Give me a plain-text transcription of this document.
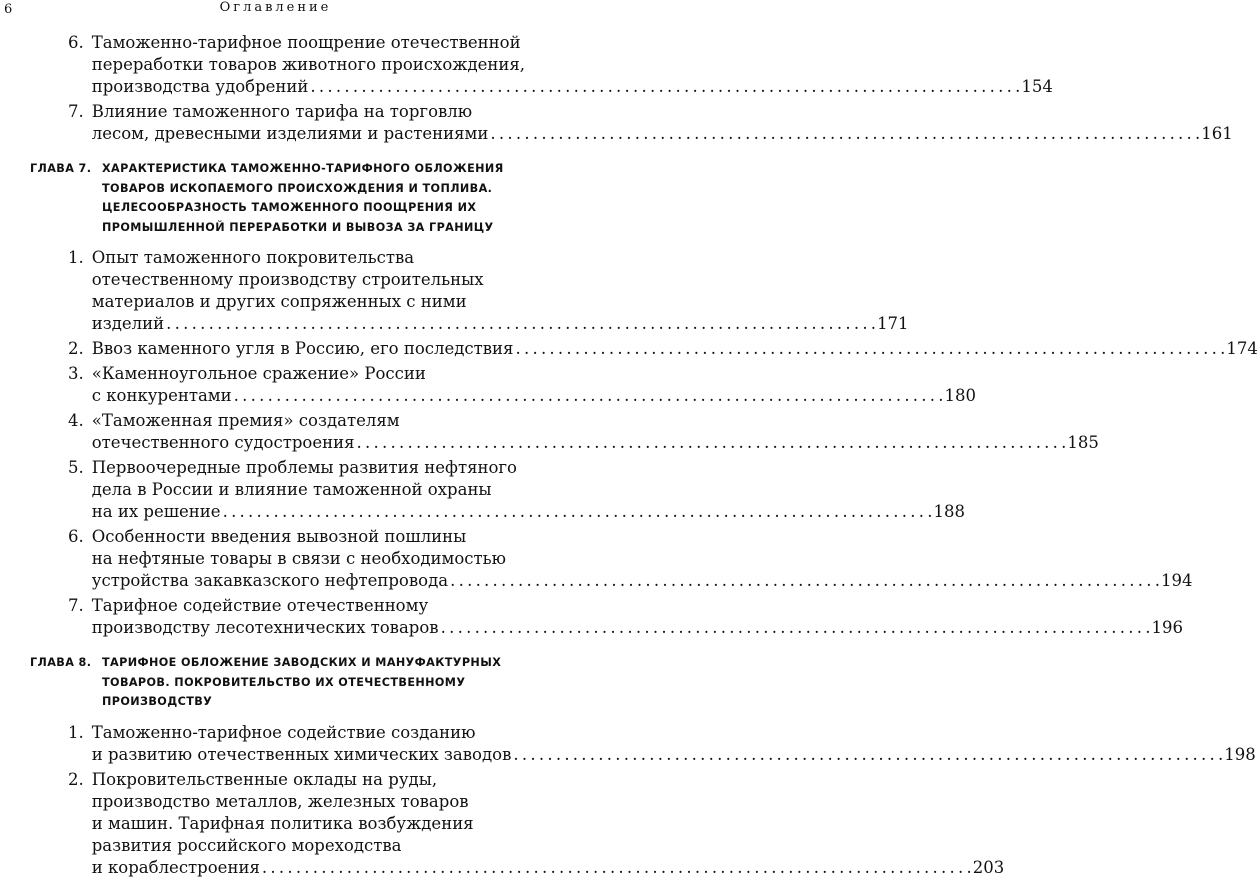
6	Оглавление
6. Таможенно-тарифное поощрение отечественной
переработки товаров животного происхождения,
производства удобрений . . .	154
7. Влияние таможенного тарифа на торговлю
лесом, древесными изделиями и растениями . . .	161
ГЛАВА 7. ХАРАКТЕРИСТИКА ТАМОЖЕННО-ТАРИФНОГО ОБЛОЖЕНИЯ
ТОВАРОВ ИСКОПАЕМОГО ПРОИСХОЖДЕНИЯ И ТОПЛИВА.
ЦЕЛЕСООБРАЗНОСТЬ ТАМОЖЕННОГО ПООЩРЕНИЯ ИХ
ПРОМЫШЛЕННОЙ ПЕРЕРАБОТКИ И ВЫВОЗА ЗА ГРАНИЦУ
1. Опыт таможенного покровительства
отечественному производству строительных
материалов и других сопряженных с ними
изделий . . .	171
2. Ввоз каменного угля в Россию, его последствия . . .	174
3. «Каменноугольное сражение» России
с конкурентами . . .	180
4. «Таможенная премия» создателям
отечественного судостроения . . .	185
5. Первоочередные проблемы развития нефтяного
дела в России и влияние таможенной охраны
на их решение . . .	188
6. Особенности введения вывозной пошлины
на нефтяные товары в связи с необходимостью
устройства закавказского нефтепровода . . .	194
7. Тарифное содействие отечественному
производству лесотехнических товаров . . .	196
ГЛАВА 8. ТАРИФНОЕ ОБЛОЖЕНИЕ ЗАВОДСКИХ И МАНУФАКТУРНЫХ
ТОВАРОВ. ПОКРОВИТЕЛЬСТВО ИХ ОТЕЧЕСТВЕННОМУ
ПРОИЗВОДСТВУ
1. Таможенно-тарифное содействие созданию
и развитию отечественных химических заводов . . .	198
2. Покровительственные оклады на руды,
производство металлов, железных товаров
и машин. Тарифная политика возбуждения
развития российского мореходства
и кораблестроения . . .	203
